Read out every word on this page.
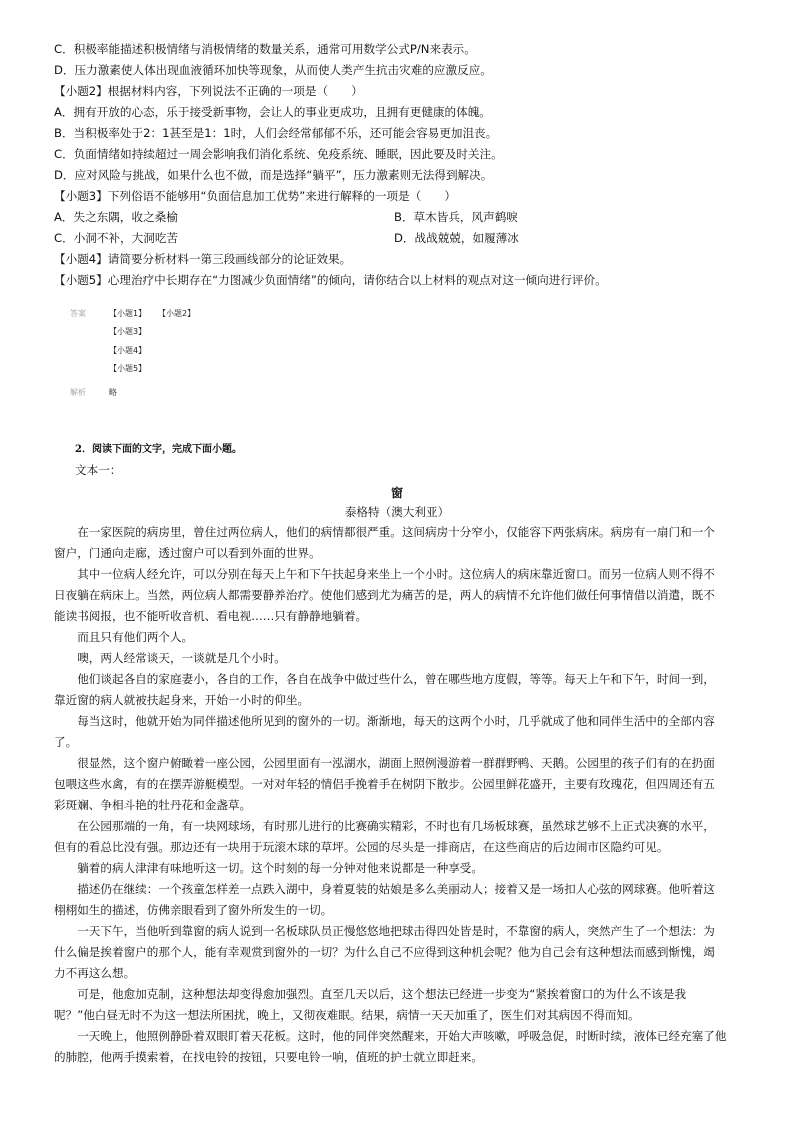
C．积极率能描述积极情绪与消极情绪的数量关系，通常可用数学公式P/N来表示。
D．压力激素使人体出现血液循环加快等现象，从而使人类产生抗击灾难的应激反应。
【小题2】根据材料内容，下列说法不正确的一项是（　　）
A．拥有开放的心态，乐于接受新事物，会让人的事业更成功，且拥有更健康的体魄。
B．当积极率处于2：1甚至是1：1时，人们会经常郁郁不乐，还可能会容易更加沮丧。
C．负面情绪如持续超过一周会影响我们消化系统、免疫系统、睡眠，因此要及时关注。
D．应对风险与挑战，如果什么也不做，而是选择“躺平”，压力激素则无法得到解决。
【小题3】下列俗语不能够用“负面信息加工优势”来进行解释的一项是（　　）
A．失之东隅，收之桑榆	B．草木皆兵，风声鹤唳
C．小洞不补，大洞吃苦	D．战战兢兢，如履薄冰
【小题4】请简要分析材料一第三段画线部分的论证效果。
【小题5】心理治疗中长期存在“力图减少负面情绪”的倾向，请你结合以上材料的观点对这一倾向进行评价。
答案	【小题1】 【小题2】
【小题3】
【小题4】
【小题5】
解析	略
2．阅读下面的文字，完成下面小题。
文本一：
窗
泰格特（澳大利亚）
　　在一家医院的病房里，曾住过两位病人，他们的病情都很严重。这间病房十分窄小，仅能容下两张病床。病房有一扇门和一个
窗户，门通向走廊，透过窗户可以看到外面的世界。
　　其中一位病人经允许，可以分别在每天上午和下午扶起身来坐上一个小时。这位病人的病床靠近窗口。而另一位病人则不得不
日夜躺在病床上。当然，两位病人都需要静养治疗。使他们感到尤为痛苦的是，两人的病情不允许他们做任何事情借以消遣，既不
能读书阅报，也不能听收音机、看电视……只有静静地躺着。
　　而且只有他们两个人。
　　噢，两人经常谈天，一谈就是几个小时。
　　他们谈起各自的家庭妻小，各自的工作，各自在战争中做过些什么，曾在哪些地方度假，等等。每天上午和下午，时间一到，
靠近窗的病人就被扶起身来，开始一小时的仰坐。
　　每当这时，他就开始为同伴描述他所见到的窗外的一切。渐渐地，每天的这两个小时，几乎就成了他和同伴生活中的全部内容
了。
　　很显然，这个窗户俯瞰着一座公园，公园里面有一泓湖水，湖面上照例漫游着一群群野鸭、天鹅。公园里的孩子们有的在扔面
包喂这些水禽，有的在摆弄游艇模型。一对对年轻的情侣手挽着手在树阴下散步。公园里鲜花盛开，主要有玫瑰花，但四周还有五
彩斑斓、争相斗艳的牡丹花和金盏草。
　　在公园那端的一角，有一块网球场，有时那儿进行的比赛确实精彩，不时也有几场板球赛，虽然球艺够不上正式决赛的水平，
但有的看总比没有强。那边还有一块用于玩滚木球的草坪。公园的尽头是一排商店，在这些商店的后边闹市区隐约可见。
　　躺着的病人津津有味地听这一切。这个时刻的每一分钟对他来说都是一种享受。
　　描述仍在继续：一个孩童怎样差一点跌入湖中，身着夏装的姑娘是多么美丽动人；接着又是一场扣人心弦的网球赛。他听着这
栩栩如生的描述，仿佛亲眼看到了窗外所发生的一切。
　　一天下午，当他听到靠窗的病人说到一名板球队员正慢悠悠地把球击得四处皆是时，不靠窗的病人，突然产生了一个想法：为
什么偏是挨着窗户的那个人，能有幸观赏到窗外的一切？为什么自己不应得到这种机会呢？他为自己会有这种想法而感到惭愧，竭
力不再这么想。
　　可是，他愈加克制，这种想法却变得愈加强烈。直至几天以后，这个想法已经进一步变为“紧挨着窗口的为什么不该是我
呢？”他白昼无时不为这一想法所困扰，晚上，又彻夜难眠。结果，病情一天天加重了，医生们对其病因不得而知。
　　一天晚上，他照例静卧着双眼盯着天花板。这时，他的同伴突然醒来，开始大声咳嗽，呼吸急促，时断时续，液体已经充塞了他
的肺腔，他两手摸索着，在找电铃的按钮，只要电铃一响，值班的护士就立即赶来。
